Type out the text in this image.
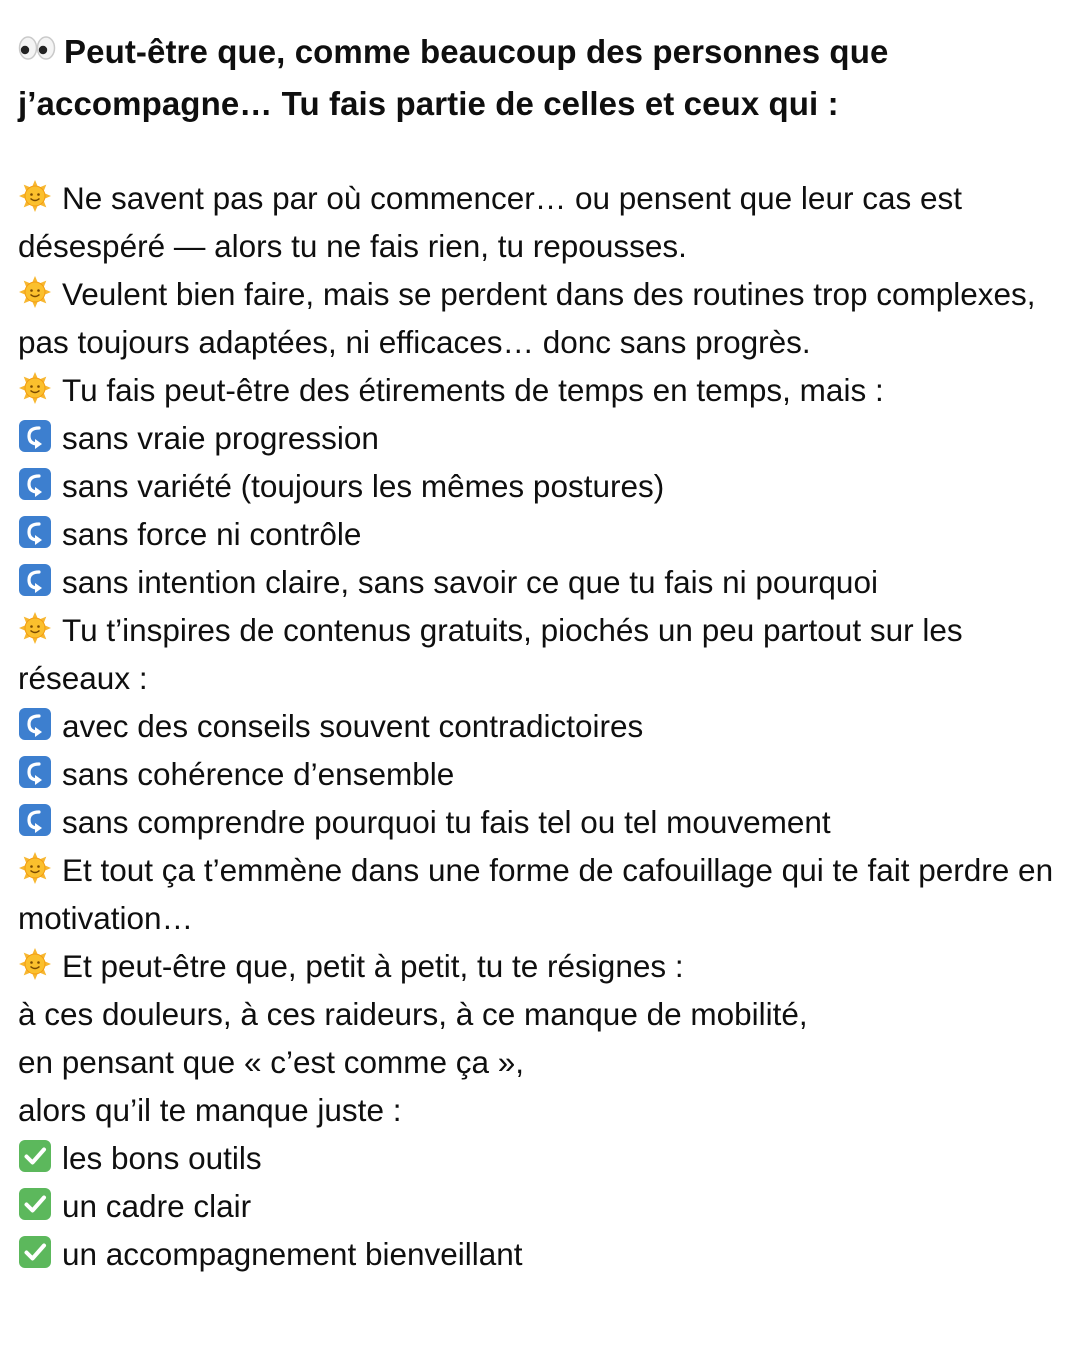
Peut-être que, comme beaucoup des personnes que j’accompagne… Tu fais partie de celles et ceux qui :
Ne savent pas par où commencer… ou pensent que leur cas est désespéré — alors tu ne fais rien, tu repousses.
Veulent bien faire, mais se perdent dans des routines trop complexes, pas toujours adaptées, ni efficaces… donc sans progrès.
Tu fais peut-être des étirements de temps en temps, mais :
sans vraie progression
sans variété (toujours les mêmes postures)
sans force ni contrôle
sans intention claire, sans savoir ce que tu fais ni pourquoi
Tu t’inspires de contenus gratuits, piochés un peu partout sur les réseaux :
avec des conseils souvent contradictoires
sans cohérence d’ensemble
sans comprendre pourquoi tu fais tel ou tel mouvement
Et tout ça t’emmène dans une forme de cafouillage qui te fait perdre en motivation…
Et peut-être que, petit à petit, tu te résignes :
à ces douleurs, à ces raideurs, à ce manque de mobilité,
en pensant que « c’est comme ça »,
alors qu’il te manque juste :
les bons outils
un cadre clair
un accompagnement bienveillant
